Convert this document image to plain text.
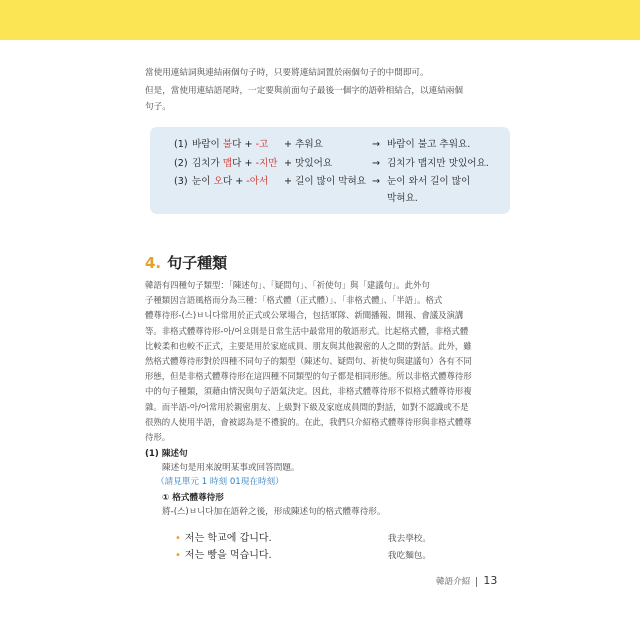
當使用連結詞與連結兩個句子時，只要將連結詞置於兩個句子的中間即可。

但是，當使用連結語尾時，一定要與前面句子最後一個字的語幹相結合，以連結兩個

句子。

(1) 바람이 불다 + -고 + 추워요	→ 바람이 불고 추워요.
(2) 김치가 맵다 + -지만 + 맛있어요	→ 김치가 맵지만 맛있어요.
(3) 눈이 오다 + -아서 + 길이 많이 막혀요 → 눈이 와서 길이 많이
막혀요.
4. 句子種類
韓語有四種句子類型：「陳述句」、「疑問句」、「祈使句」與「建議句」。此外句
子種類因言語風格而分為三種：「格式體（正式體）」、「非格式體」、「半語」。格式
體尊待形-(스)ㅂ니다常用於正式或公眾場合，包括軍隊、新聞播報、開報、會議及演講
等。非格式體尊待形-아/어요則是日常生活中最常用的敬語形式。比起格式體，非格式體
比較柔和也較不正式，主要是用於家庭成員、朋友與其他親密的人之間的對話。此外，雖
然格式體尊待形對於四種不同句子的類型（陳述句、疑問句、祈使句與建議句）各有不同
形態，但是非格式體尊待形在這四種不同類型的句子都是相同形態。所以非格式體尊待形
中的句子種類，須藉由情況與句子語氣決定。因此，非格式體尊待形不似格式體尊待形複
雜。而半語-아/어常用於親密朋友、上級對下級及家庭成員間的對話，如對不認識或不是
很熟的人使用半語，會被認為是不禮貌的。在此，我們只介紹格式體尊待形與非格式體尊
待形。
(1) 陳述句
陳述句是用來說明某事或回答問題。
（請見單元 1 時刻 01現在時刻）
① 格式體尊待形
將-(스)ㅂ니다加在語幹之後，形成陳述句的格式體尊待形。
• 저는 학교에 갑니다.	我去學校。
• 저는 빵을 먹습니다.	我吃麵包。
韓語介紹 13
